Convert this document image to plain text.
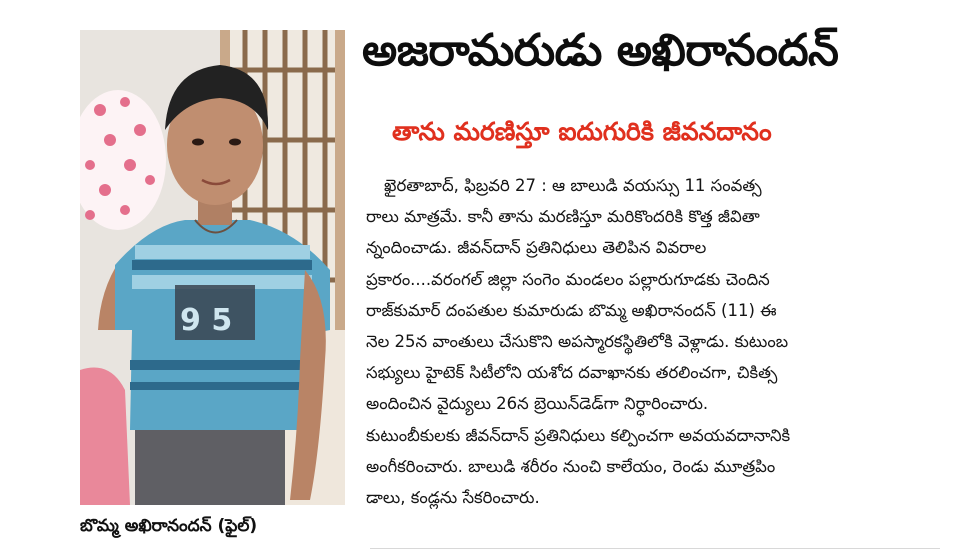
9 5
బొమ్మ అఖిరానందన్ (ఫైల్)
అజరామరుడు అఖిరానందన్
తాను మరణిస్తూ ఐదుగురికి జీవనదానం
ఖైరతాబాద్, ఫిబ్రవరి 27 : ఆ బాలుడి వయస్సు 11 సంవత్స
రాలు మాత్రమే. కానీ తాను మరణిస్తూ మరికొందరికి కొత్త జీవితా
న్నందించాడు. జీవన్‌దాన్ ప్రతినిధులు తెలిపిన వివరాల
ప్రకారం....వరంగల్ జిల్లా సంగెం మండలం పల్లారుగూడకు చెందిన
రాజ్‌కుమార్ దంపతుల కుమారుడు బొమ్మ అఖిరానందన్ (11) ఈ
నెల 25న వాంతులు చేసుకొని అపస్మారకస్థితిలోకి వెళ్లాడు. కుటుంబ
సభ్యులు హైటెక్ సిటీలోని యశోద దవాఖానకు తరలించగా, చికిత్స
అందించిన వైద్యులు 26న బ్రెయిన్‌డెడ్‌గా నిర్ధారించారు.
కుటుంబీకులకు జీవన్‌దాన్ ప్రతినిధులు కల్పించగా అవయవదానానికి
అంగీకరించారు. బాలుడి శరీరం నుంచి కాలేయం, రెండు మూత్రపిం
డాలు, కండ్లను సేకరించారు.
